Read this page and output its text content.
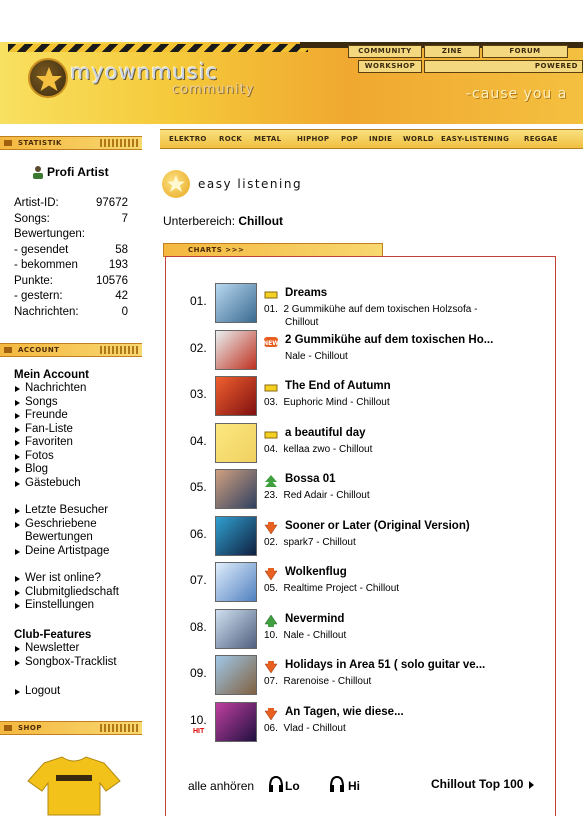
myownmusic
community	-cause you a
COMMUNITY	ZINE	FORUM
WORKSHOP	POWERED
ELEKTRO ROCK METAL HIPHOP POP INDIE WORLD EASY-LISTENING REGGAE
STATISTIK
Profi Artist
Artist-ID:	97672
Songs:	7
Bewertungen:
- gesendet	58
- bekommen	193
Punkte:	10576
- gestern:	42
Nachrichten:	0
ACCOUNT
Mein Account
Nachrichten
Songs
Freunde
Fan-Liste
Favoriten
Fotos
Blog
Gästebuch
Letzte Besucher
Geschriebene
Bewertungen
Deine Artistpage
Wer ist online?
Clubmitgliedschaft
Einstellungen
Club-Features
Newsletter
Songbox-Tracklist
Logout
SHOP
easy listening
Unterbereich: Chillout
CHARTS >>>
01.
Dreams
01. 2 Gummikühe auf dem toxischen Holzsofa -
Chillout
02.	NEW 2 Gummikühe auf dem toxischen Ho...
Nale - Chillout
03.
The End of Autumn
03. Euphoric Mind - Chillout
04.
a beautiful day
04. kellaa zwo - Chillout
05.
Bossa 01
23. Red Adair - Chillout
06.
Sooner or Later (Original Version)
02. spark7 - Chillout
07.
Wolkenflug
05. Realtime Project - Chillout
08.
Nevermind
10. Nale - Chillout
09.
Holidays in Area 51 ( solo guitar ve...
07. Rarenoise - Chillout
10.
HIT
An Tagen, wie diese...
06. Vlad - Chillout
alle anhören	Lo	Hi	Chillout Top 100
